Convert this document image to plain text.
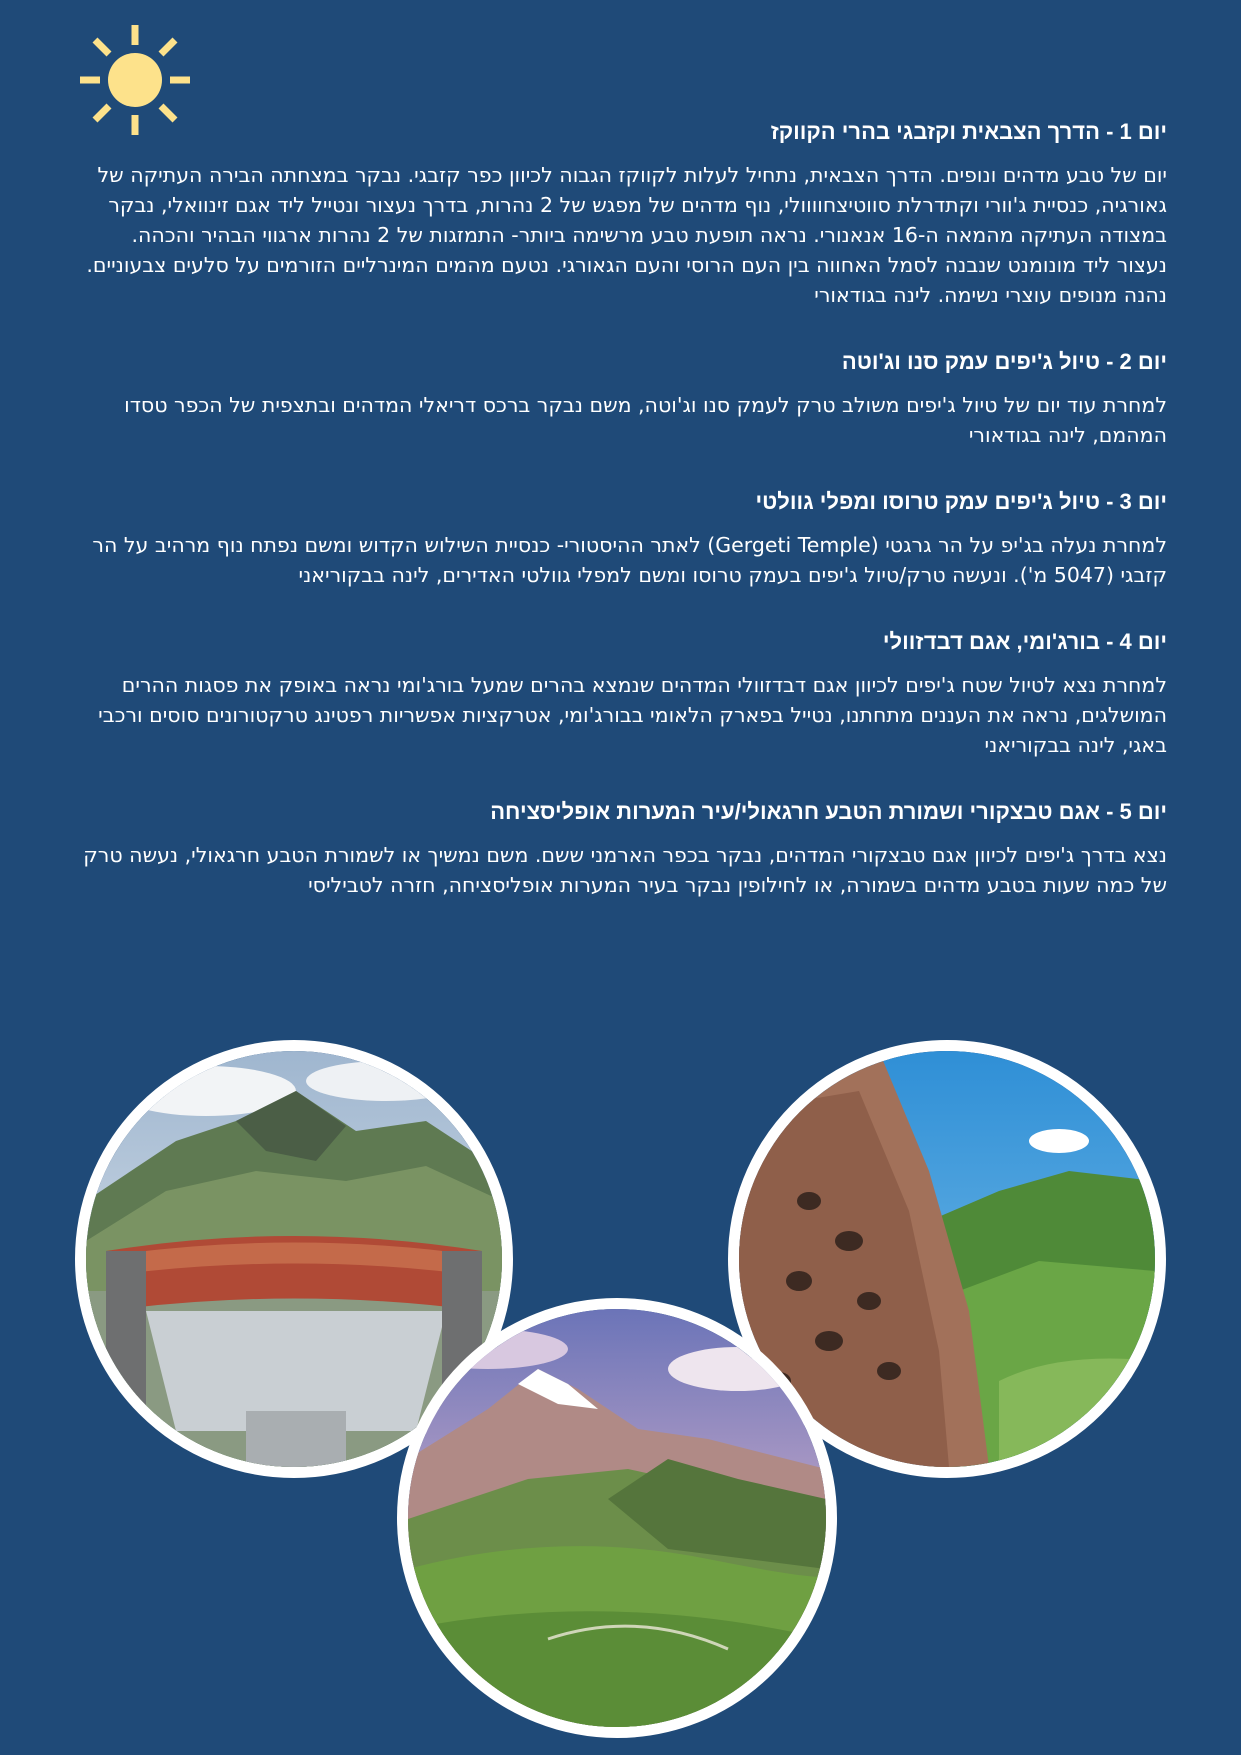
יום 1 - הדרך הצבאית וקזבגי בהרי הקווקז

יום של טבע מדהים ונופים. הדרך הצבאית, נתחיל לעלות לקווקז הגבוה לכיוון כפר קזבגי. נבקר במצחתה הבירה העתיקה של גאורגיה, כנסיית ג'וורי וקתדרלת סווטיצחוווולי, נוף מדהים של מפגש של 2 נהרות, בדרך נעצור ונטייל ליד אגם זינוואלי, נבקר במצודה העתיקה מהמאה ה-16 אנאנורי. נראה תופעת טבע מרשימה ביותר- התמזגות של 2 נהרות ארגווי הבהיר והכהה. נעצור ליד מונומנט שנבנה לסמל האחווה בין העם הרוסי והעם הגאורגי. נטעם מהמים המינרליים הזורמים על סלעים צבעוניים. נהנה מנופים עוצרי נשימה. לינה בגודאורי

יום 2 - טיול ג'יפים עמק סנו וג'וטה

למחרת עוד יום של טיול ג'יפים משולב טרק לעמק סנו וג'וטה, משם נבקר ברכס דריאלי המדהים ובתצפית של הכפר טסדו המהמם, לינה בגודאורי

יום 3 - טיול ג'יפים עמק טרוסו ומפלי גוולטי

למחרת נעלה בג'יפ על הר גרגטי (Gergeti Temple) לאתר ההיסטורי- כנסיית השילוש הקדוש ומשם נפתח נוף מרהיב על הר קזבגי (5047 מ'). ונעשה טרק/טיול ג'יפים בעמק טרוסו ומשם למפלי גוולטי האדירים, לינה בבקוריאני

יום 4 - בורג'ומי, אגם דבדזוולי

למחרת נצא לטיול שטח ג'יפים לכיוון אגם דבדזוולי המדהים שנמצא בהרים שמעל בורג'ומי נראה באופק את פסגות ההרים המושלגים, נראה את העננים מתחתנו, נטייל בפארק הלאומי בבורג'ומי, אטרקציות אפשריות רפטינג טרקטורונים סוסים ורכבי באגי, לינה בבקוריאני

יום 5 - אגם טבצקורי ושמורת הטבע חרגאולי/עיר המערות אופליסציחה

נצא בדרך ג'יפים לכיוון אגם טבצקורי המדהים, נבקר בכפר הארמני ששם. משם נמשיך או לשמורת הטבע חרגאולי, נעשה טרק של כמה שעות בטבע מדהים בשמורה, או לחילופין נבקר בעיר המערות אופליסציחה, חזרה לטביליסי
